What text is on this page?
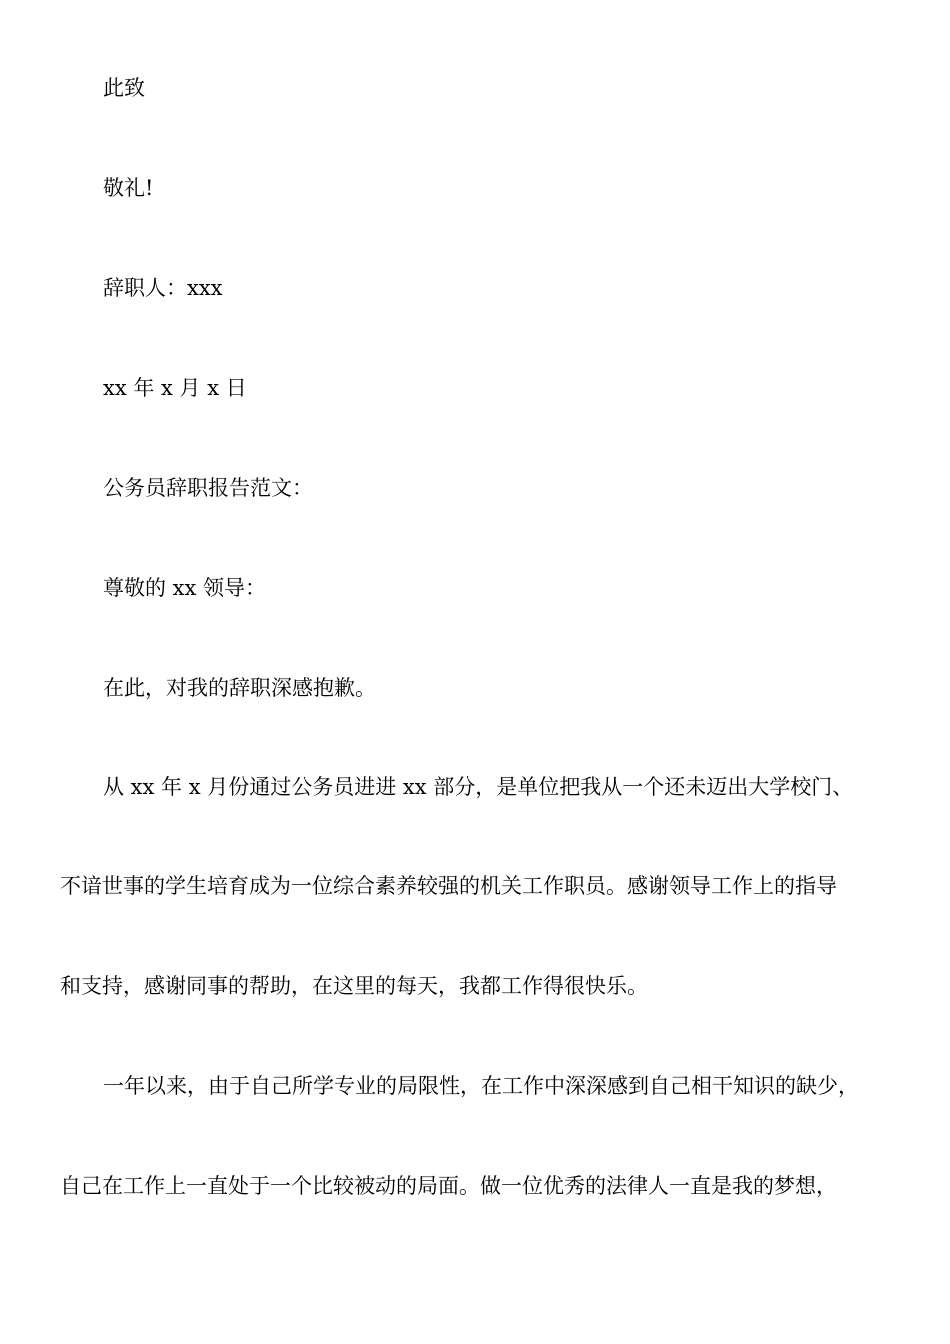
此致

敬礼!

辞职人：xxx

xx 年 x 月 x 日

公务员辞职报告范文：

尊敬的 xx 领导：

在此，对我的辞职深感抱歉。

从 xx 年 x 月份通过公务员进进 xx 部分，是单位把我从一个还未迈出大学校门、

不谙世事的学生培育成为一位综合素养较强的机关工作职员。感谢领导工作上的指导

和支持，感谢同事的帮助，在这里的每天，我都工作得很快乐。

一年以来，由于自己所学专业的局限性，在工作中深深感到自己相干知识的缺少，

自己在工作上一直处于一个比较被动的局面。做一位优秀的法律人一直是我的梦想，
